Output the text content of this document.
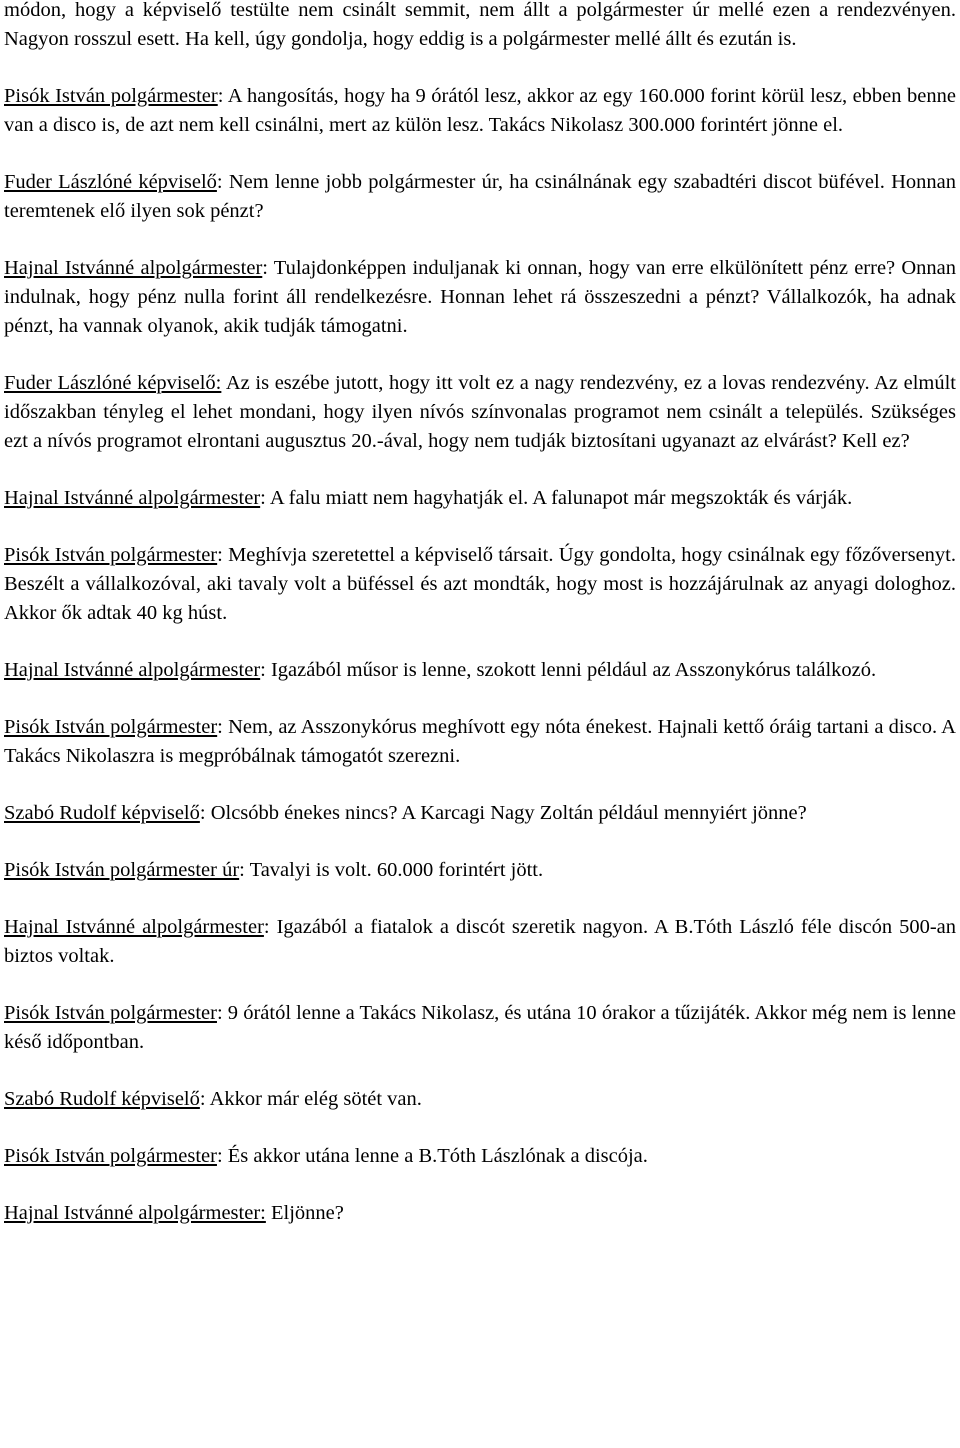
módon, hogy a képviselő testülte nem csinált semmit, nem állt a polgármester úr mellé ezen a rendezvényen. Nagyon rosszul esett. Ha kell, úgy gondolja, hogy eddig is a polgármester mellé állt és ezután is.

Pisók István polgármester: A hangosítás, hogy ha 9 órától lesz, akkor az egy 160.000 forint körül lesz, ebben benne van a disco is, de azt nem kell csinálni, mert az külön lesz. Takács Nikolasz 300.000 forintért jönne el.

Fuder Lászlóné képviselő: Nem lenne jobb polgármester úr, ha csinálnának egy szabadtéri discot büfével. Honnan teremtenek elő ilyen sok pénzt?

Hajnal Istvánné alpolgármester: Tulajdonképpen induljanak ki onnan, hogy van erre elkülönített pénz erre? Onnan indulnak, hogy pénz nulla forint áll rendelkezésre. Honnan lehet rá összeszedni a pénzt? Vállalkozók, ha adnak pénzt, ha vannak olyanok, akik tudják támogatni.

Fuder Lászlóné képviselő: Az is eszébe jutott, hogy itt volt ez a nagy rendezvény, ez a lovas rendezvény. Az elmúlt időszakban tényleg el lehet mondani, hogy ilyen nívós színvonalas programot nem csinált a település. Szükséges ezt a nívós programot elrontani augusztus 20.-ával, hogy nem tudják biztosítani ugyanazt az elvárást? Kell ez?

Hajnal Istvánné alpolgármester: A falu miatt nem hagyhatják el. A falunapot már megszokták és várják.

Pisók István polgármester: Meghívja szeretettel a képviselő társait. Úgy gondolta, hogy csinálnak egy főzőversenyt. Beszélt a vállalkozóval, aki tavaly volt a büféssel és azt mondták, hogy most is hozzájárulnak az anyagi dologhoz. Akkor ők adtak 40 kg húst.

Hajnal Istvánné alpolgármester: Igazából műsor is lenne, szokott lenni például az Asszonykórus találkozó.

Pisók István polgármester: Nem, az Asszonykórus meghívott egy nóta énekest. Hajnali kettő óráig tartani a disco. A Takács Nikolaszra is megpróbálnak támogatót szerezni.

Szabó Rudolf képviselő: Olcsóbb énekes nincs? A Karcagi Nagy Zoltán például mennyiért jönne?

Pisók István polgármester úr: Tavalyi is volt. 60.000 forintért jött.

Hajnal Istvánné alpolgármester: Igazából a fiatalok a discót szeretik nagyon. A B.Tóth László féle discón 500-an biztos voltak.

Pisók István polgármester: 9 órától lenne a Takács Nikolasz, és utána 10 órakor a tűzijáték. Akkor még nem is lenne késő időpontban.

Szabó Rudolf képviselő: Akkor már elég sötét van.

Pisók István polgármester: És akkor utána lenne a B.Tóth Lászlónak a discója.

Hajnal Istvánné alpolgármester: Eljönne?
